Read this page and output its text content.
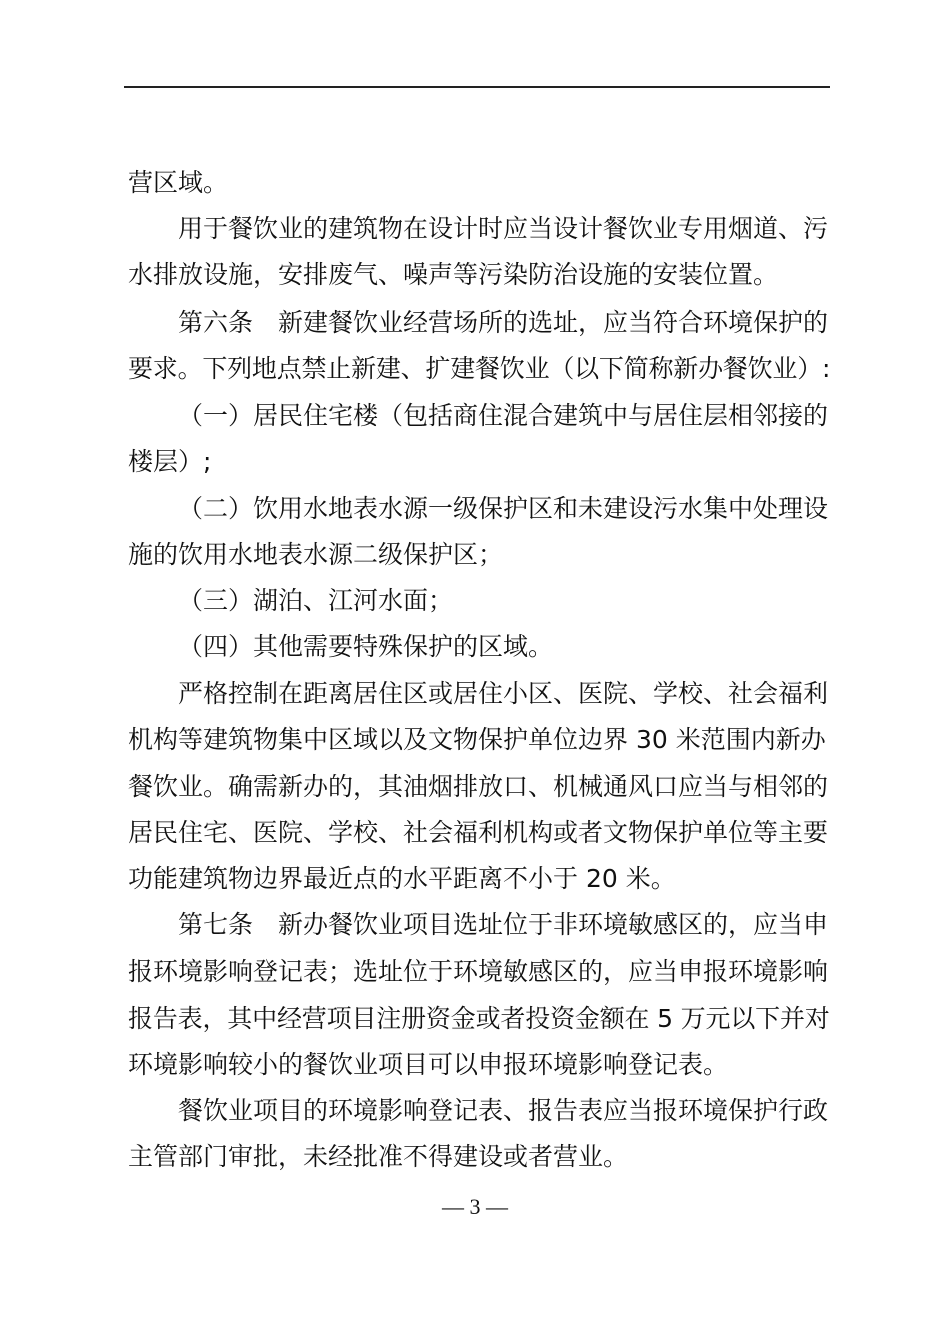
营区域。
用于餐饮业的建筑物在设计时应当设计餐饮业专用烟道、污
水排放设施，安排废气、噪声等污染防治设施的安装位置。
第六条　新建餐饮业经营场所的选址，应当符合环境保护的
要求。下列地点禁止新建、扩建餐饮业（以下简称新办餐饮业）:
（一）居民住宅楼（包括商住混合建筑中与居住层相邻接的
楼层）;
（二）饮用水地表水源一级保护区和未建设污水集中处理设
施的饮用水地表水源二级保护区；
（三）湖泊、江河水面；
（四）其他需要特殊保护的区域。
严格控制在距离居住区或居住小区、医院、学校、社会福利
机构等建筑物集中区域以及文物保护单位边界 30 米范围内新办
餐饮业。确需新办的，其油烟排放口、机械通风口应当与相邻的
居民住宅、医院、学校、社会福利机构或者文物保护单位等主要
功能建筑物边界最近点的水平距离不小于 20 米。
第七条　新办餐饮业项目选址位于非环境敏感区的，应当申
报环境影响登记表；选址位于环境敏感区的，应当申报环境影响
报告表，其中经营项目注册资金或者投资金额在 5 万元以下并对
环境影响较小的餐饮业项目可以申报环境影响登记表。
餐饮业项目的环境影响登记表、报告表应当报环境保护行政
主管部门审批，未经批准不得建设或者营业。
— 3 —
